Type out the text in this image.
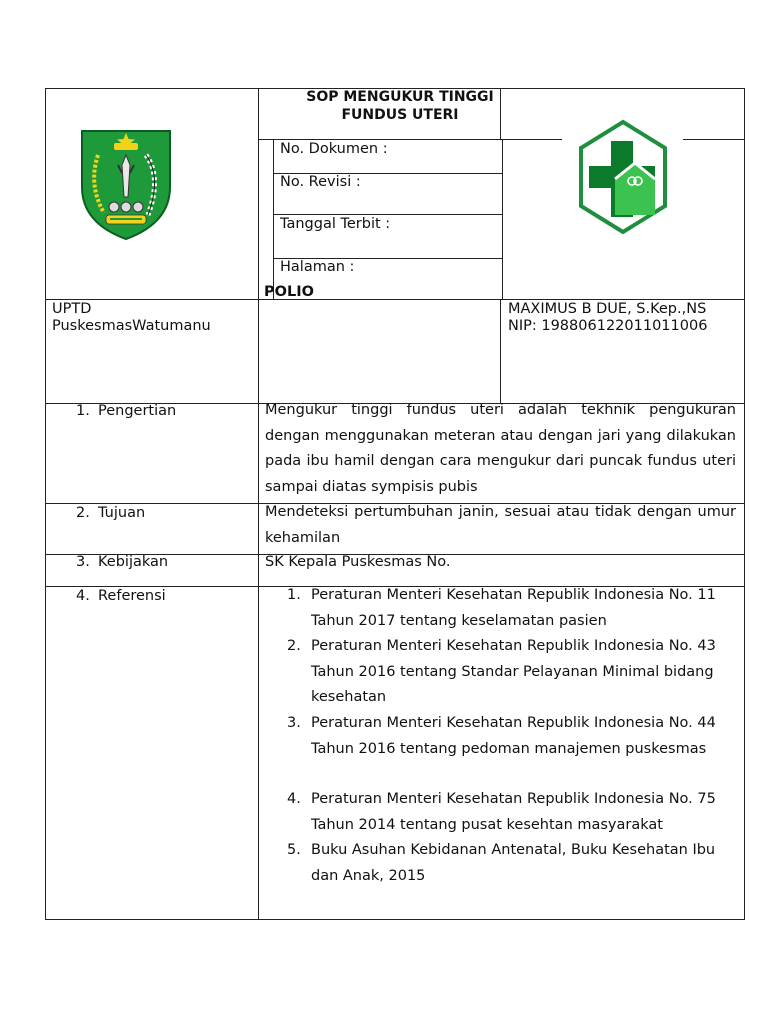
SOP MENGUKUR TINGGI FUNDUS UTERI
No. Dokumen :
No. Revisi :
Tanggal Terbit :
Halaman :
POLIO
UPTD
PuskesmasWatumanu
MAXIMUS B DUE, S.Kep.,NS
NIP: 198806122011011006
1. Pengertian	Mengukur tinggi fundus uteri adalah tekhnik pengukuran dengan menggunakan meteran atau dengan jari yang dilakukan pada ibu hamil dengan cara mengukur dari puncak fundus uteri sampai diatas sympisis pubis
2. Tujuan	Mendeteksi pertumbuhan janin, sesuai atau tidak dengan umur kehamilan
3. Kebijakan	SK Kepala Puskesmas No.
4. Referensi	1. Peraturan Menteri Kesehatan Republik Indonesia No. 11 Tahun 2017 tentang keselamatan pasien
2. Peraturan Menteri Kesehatan Republik Indonesia No. 43 Tahun 2016 tentang Standar Pelayanan Minimal bidang kesehatan
3. Peraturan Menteri Kesehatan Republik Indonesia No. 44 Tahun 2016 tentang pedoman manajemen puskesmas
4. Peraturan Menteri Kesehatan Republik Indonesia No. 75 Tahun 2014 tentang pusat kesehtan masyarakat
5. Buku Asuhan Kebidanan Antenatal, Buku Kesehatan Ibu dan Anak, 2015
